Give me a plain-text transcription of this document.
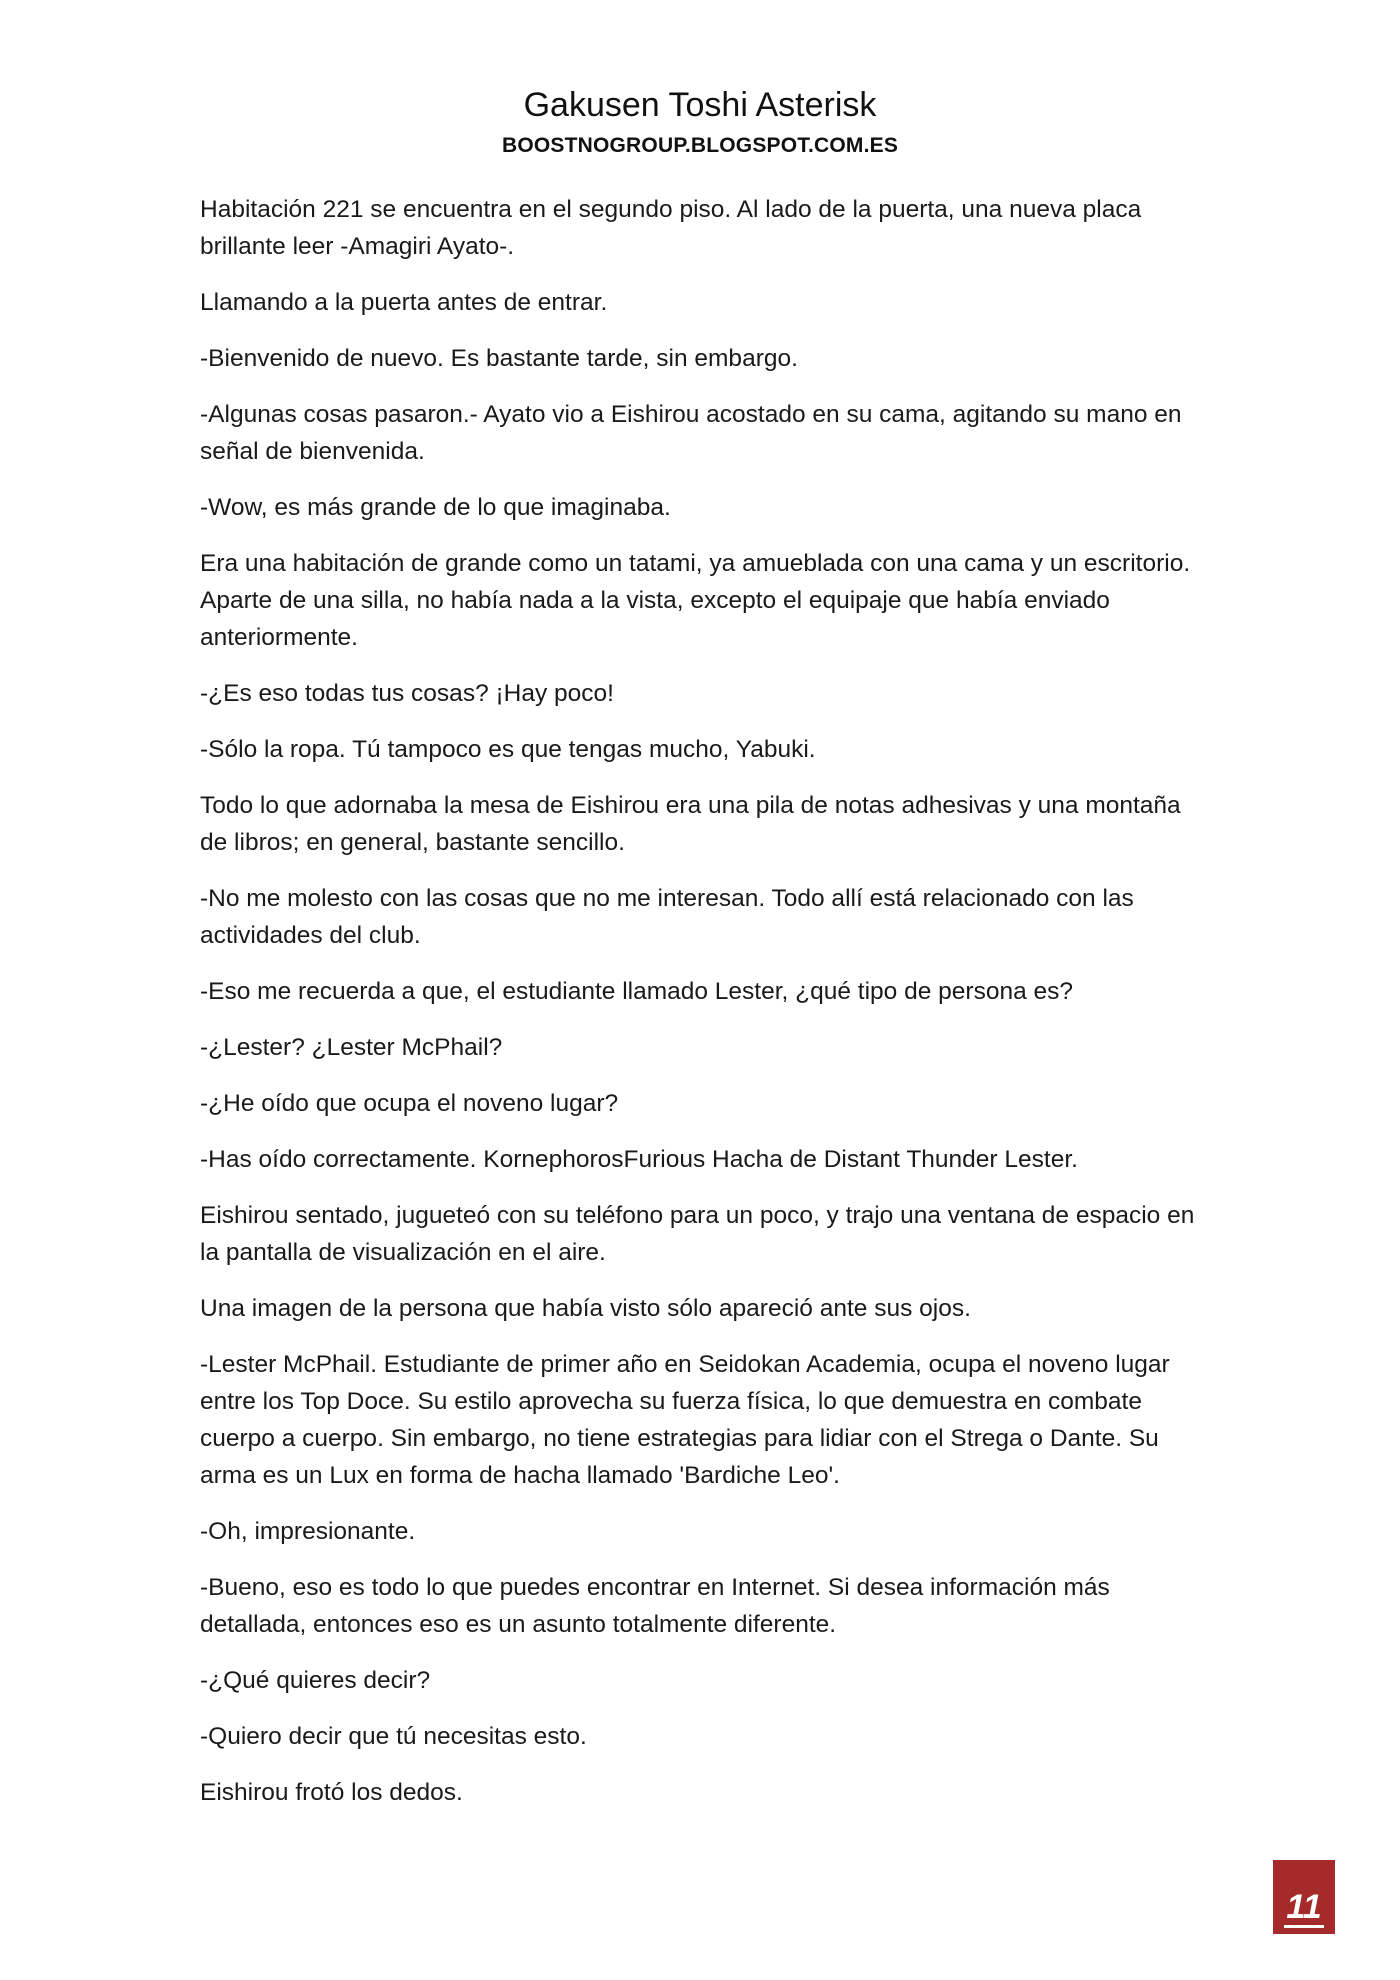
Gakusen Toshi Asterisk

BOOSTNOGROUP.BLOGSPOT.COM.ES

Habitación 221 se encuentra en el segundo piso. Al lado de la puerta, una nueva placa brillante leer -Amagiri Ayato-.

Llamando a la puerta antes de entrar.

-Bienvenido de nuevo. Es bastante tarde, sin embargo.

-Algunas cosas pasaron.- Ayato vio a Eishirou acostado en su cama, agitando su mano en señal de bienvenida.

-Wow, es más grande de lo que imaginaba.

Era una habitación de grande como un tatami, ya amueblada con una cama y un escritorio. Aparte de una silla, no había nada a la vista, excepto el equipaje que había enviado anteriormente.

-¿Es eso todas tus cosas? ¡Hay poco!

-Sólo la ropa. Tú tampoco es que tengas mucho, Yabuki.

Todo lo que adornaba la mesa de Eishirou era una pila de notas adhesivas y una montaña de libros; en general, bastante sencillo.

-No me molesto con las cosas que no me interesan. Todo allí está relacionado con las actividades del club.

-Eso me recuerda a que, el estudiante llamado Lester, ¿qué tipo de persona es?

-¿Lester? ¿Lester McPhail?

-¿He oído que ocupa el noveno lugar?

-Has oído correctamente. KornephorosFurious Hacha de Distant Thunder Lester.

Eishirou sentado, jugueteó con su teléfono para un poco, y trajo una ventana de espacio en la pantalla de visualización en el aire.

Una imagen de la persona que había visto sólo apareció ante sus ojos.

-Lester McPhail. Estudiante de primer año en Seidokan Academia, ocupa el noveno lugar entre los Top Doce. Su estilo aprovecha su fuerza física, lo que demuestra en combate cuerpo a cuerpo. Sin embargo, no tiene estrategias para lidiar con el Strega o Dante. Su arma es un Lux en forma de hacha llamado 'Bardiche Leo'.

-Oh, impresionante.

-Bueno, eso es todo lo que puedes encontrar en Internet. Si desea información más detallada, entonces eso es un asunto totalmente diferente.

-¿Qué quieres decir?

-Quiero decir que tú necesitas esto.

Eishirou frotó los dedos.

11
